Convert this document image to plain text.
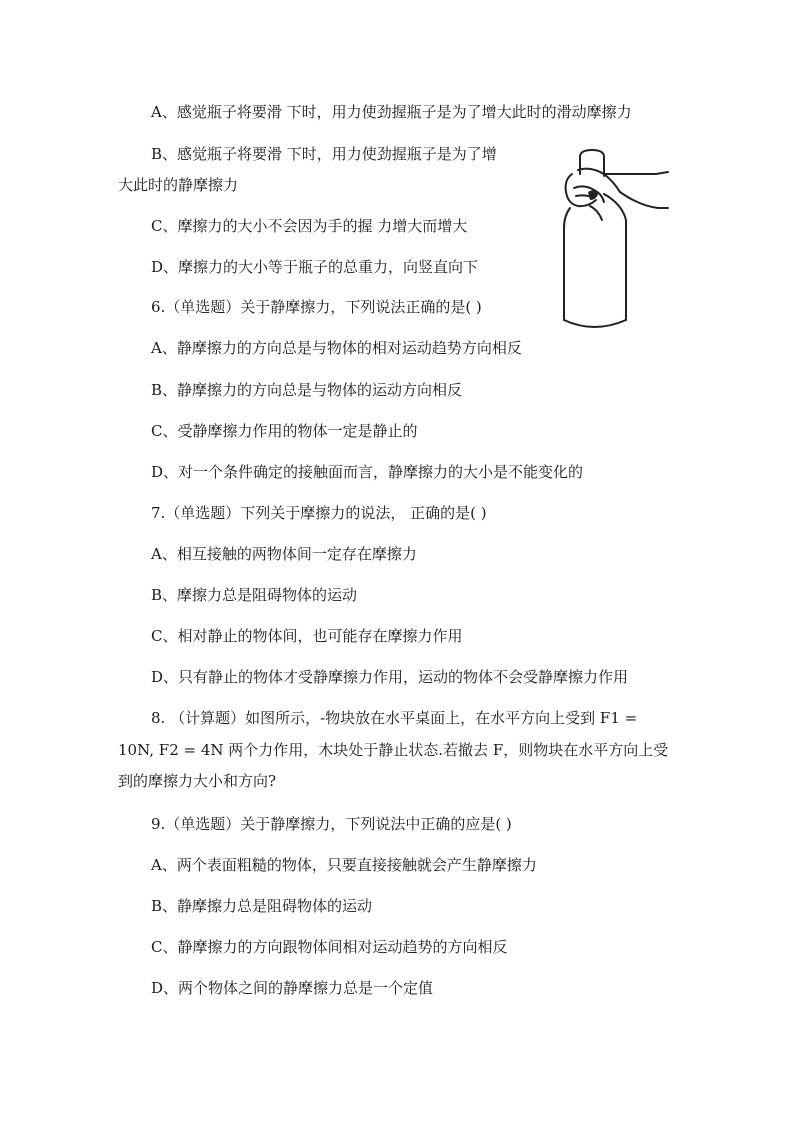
A、感觉瓶子将要滑 下时，用力使劲握瓶子是为了增大此时的滑动摩擦力
B、感觉瓶子将要滑 下时，用力使劲握瓶子是为了增
大此时的静摩擦力
C、摩擦力的大小不会因为手的握 力增大而增大
D、摩擦力的大小等于瓶子的总重力，向竖直向下
6.（单选题）关于静摩擦力，下列说法正确的是( )
A、静摩擦力的方向总是与物体的相对运动趋势方向相反
B、静摩擦力的方向总是与物体的运动方向相反
C、受静摩擦力作用的物体一定是静止的
D、对一个条件确定的接触面而言，静摩擦力的大小是不能变化的
7.（单选题）下列关于摩擦力的说法， 正确的是( )
A、相互接触的两物体间一定存在摩擦力
B、摩擦力总是阻碍物体的运动
C、相对静止的物体间，也可能存在摩擦力作用
D、只有静止的物体才受静摩擦力作用，运动的物体不会受静摩擦力作用
8. （计算题）如图所示，-物块放在水平桌面上，在水平方向上受到 F1 =
10N, F2 = 4N 两个力作用，木块处于静止状态.若撤去 F，则物块在水平方向上受
到的摩擦力大小和方向?
9.（单选题）关于静摩擦力，下列说法中正确的应是( )
A、两个表面粗糙的物体，只要直接接触就会产生静摩擦力
B、静摩擦力总是阻碍物体的运动
C、静摩擦力的方向跟物体间相对运动趋势的方向相反
D、两个物体之间的静摩擦力总是一个定值
